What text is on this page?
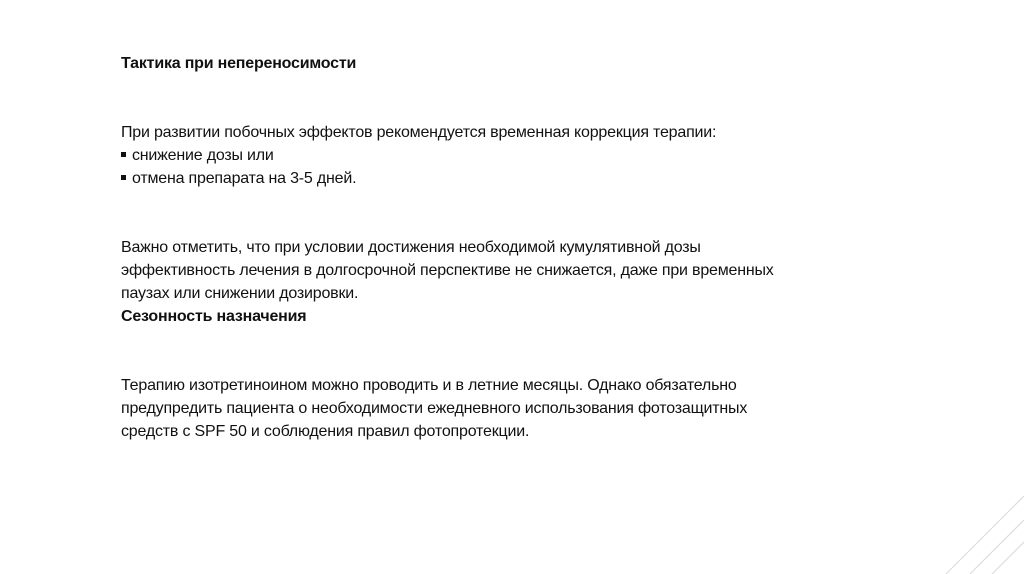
Тактика при непереносимости

При развитии побочных эффектов рекомендуется временная коррекция терапии:

снижение дозы или
отмена препарата на 3-5 дней.

Важно отметить, что при условии достижения необходимой кумулятивной дозы
эффективность лечения в долгосрочной перспективе не снижается, даже при временных
паузах или снижении дозировки.

Сезонность назначения

Терапию изотретиноином можно проводить и в летние месяцы. Однако обязательно
предупредить пациента о необходимости ежедневного использования фотозащитных
средств с SPF 50 и соблюдения правил фотопротекции.
